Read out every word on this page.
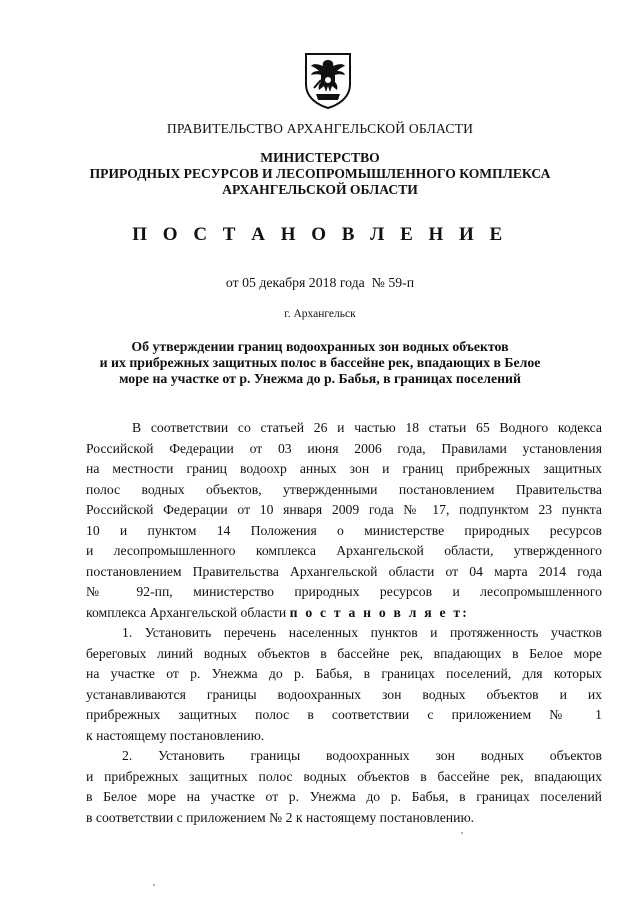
ПРАВИТЕЛЬСТВО АРХАНГЕЛЬСКОЙ ОБЛАСТИ
МИНИСТЕРСТВО
ПРИРОДНЫХ РЕСУРСОВ И ЛЕСОПРОМЫШЛЕННОГО КОМПЛЕКСА
АРХАНГЕЛЬСКОЙ ОБЛАСТИ
П О С Т А Н О В Л Е Н И Е
от 05 декабря 2018 года № 59-п
г. Архангельск
Об утверждении границ водоохранных зон водных объектов
и их прибрежных защитных полос в бассейне рек, впадающих в Белое
море на участке от р. Унежма до р. Бабья, в границах поселений
В соответствии со статьей 26 и частью 18 статьи 65 Водного кодекса
Российской Федерации от 03 июня 2006 года, Правилами установления
на местности границ водоохр анных зон и границ прибрежных защитных
полос водных объектов, утвержденными постановлением Правительства
Российской Федерации от 10 января 2009 года № 17, подпунктом 23 пункта
10 и пунктом 14 Положения о министерстве природных ресурсов
и лесопромышленного комплекса Архангельской области, утвержденного
постановлением Правительства Архангельской области от 04 марта 2014 года
№ 92-пп, министерство природных ресурсов и лесопромышленного
комплекса Архангельской области п о с т а н о в л я е т:
1. Установить перечень населенных пунктов и протяженность участков
береговых линий водных объектов в бассейне рек, впадающих в Белое море
на участке от р. Унежма до р. Бабья, в границах поселений, для которых
устанавливаются границы водоохранных зон водных объектов и их
прибрежных защитных полос в соответствии с приложением № 1
к настоящему постановлению.
2. Установить границы водоохранных зон водных объектов
и прибрежных защитных полос водных объектов в бассейне рек, впадающих
в Белое море на участке от р. Унежма до р. Бабья, в границах поселений
в соответствии с приложением № 2 к настоящему постановлению.
